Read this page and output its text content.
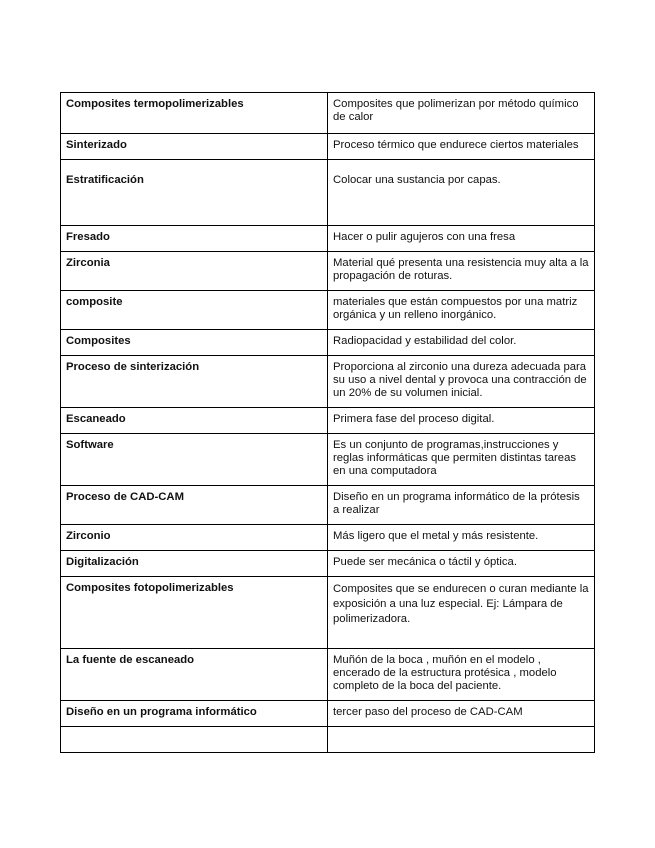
Composites termopolimerizables	Composites que polimerizan por método químico de calor
Sinterizado	Proceso térmico que endurece ciertos materiales
Estratificación	Colocar una sustancia por capas.
Fresado	Hacer o pulir agujeros con una fresa
Zirconia	Material qué presenta una resistencia muy alta a la propagación de roturas.
composite	materiales que están compuestos por una matriz orgánica y un relleno inorgánico.
Composites	Radiopacidad y estabilidad del color.
Proceso de sinterización	Proporciona al zirconio una dureza adecuada para su uso a nivel dental y provoca una contracción de un 20% de su volumen inicial.
Escaneado	Primera fase del proceso digital.
Software	Es un conjunto de programas,instrucciones y reglas informáticas que permiten distintas tareas en una computadora
Proceso de CAD-CAM	Diseño en un programa informático de la prótesis a realizar
Zirconio	Más ligero que el metal y más resistente.
Digitalización	Puede ser mecánica o táctil y óptica.
Composites fotopolimerizables	Composites que se endurecen o curan mediante la exposición a una luz especial. Ej: Lámpara de polimerizadora.
La fuente de escaneado	Muñón de la boca , muñón en el modelo , encerado de la estructura protésica , modelo completo de la boca del paciente.
Diseño en un programa informático	tercer paso del proceso de CAD-CAM
